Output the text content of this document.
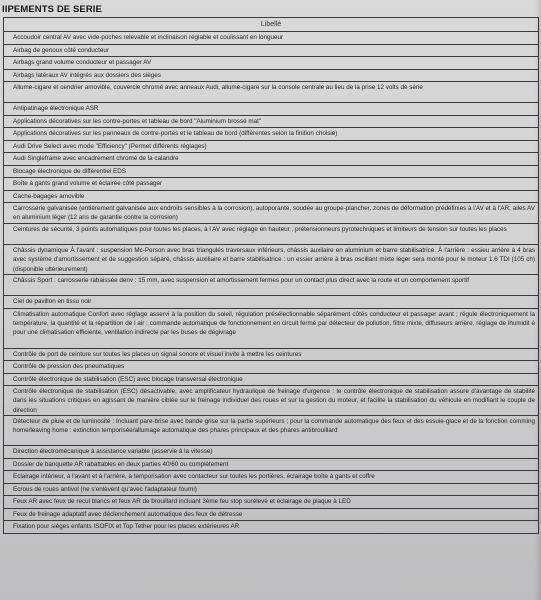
IIPEMENTS DE SERIE
Libellé
Accoudoir central AV avec vide-poches relevable et inclinaison réglable et coulissant en longueur
Airbag de genoux côté conducteur
Airbags grand volume conducteur et passager AV
Airbags latéraux AV intégrés aux dossiers des sièges
Allume-cigare et cendrier amovible, couvercle chromé avec anneaux Audi, allume-cigare sur la console centrale au lieu de la prise 12 volts de série
Antipatinage électronique ASR
Applications décoratives sur les contre-portes et tableau de bord "Aluminium brossé mat"
Applications décoratives sur les panneaux de contre-portes et le tableau de bord (différentes selon la finition choisie)
Audi Drive Select avec mode "Efficiency" (Permet différents réglages)
Audi Singleframe avec encadrement chromé de la calandre
Blocage électronique de différentiel EDS
Boîte à gants grand volume et éclairée côté passager
Cache-bagages amovible
Carrosserie galvanisée (entièrement galvanisée aux endroits sensibles à la corrosion), autoporante, soudée au groupe-plancher, zones de déformation prédéfinies à l'AV et à l'AR, ailes AV en aluminium léger (12 ans de garantie contre la corrosion)
Ceintures de sécurité, 3 points automatiques pour toutes les places, à l AV avec réglage en hauteur , prétensionneurs pyrotechniques et limiteurs de tension sur toutes les places
Châssis dynamique À l'avant : suspension Mc-Person avec bras triangulés traversaux inférieurs, châssis auxilaire en aluminium et barre stabilisatrice. À l'arrière : essieu arrière à 4 bras avec système d'amortissement et de suggestion séparé, châssis auxiliaire et barre stabilisatrice : un essier arrière à bras oscillant mixte léger sera monté pour le moteur 1.6 TDI (105 ch) (disponible ultérieurement)
Châssis Sport : carrosserie rabaissée denv : 15 mm, avec suspension et amortissement fermes pour un contact plus direct avec la route et un comportement sportif
Ciel de pavillon en tissu noir
Climatisation automatique Confort avec réglage asservi à la position du soleil, régulation présélectionnable séparément côtés conducteur et passager avant ; régule électroniquement la température, la quantité et la répartition de l air ; commande automatique de fonctionnement en circuit fermé par détecteur de pollution, filtre mixte, diffuseurs arrière, réglage de lhumidit é pour une climatisation efficiente, ventilation indirecte par les buses de dégivrage
Contrôle de port de ceinture sur toutes les places un signal sonore et visuel invite à mettre les ceintures
Contrôle de pression des pneumatiques
Contrôle électronique de stabilisation (ESC) avec blocage transversal électronique
Contrôle électronique de stabilisation (ESC) désactivable, avec amplificateur hydraulique de freinage d'urgence : le contrôle électronique de stabilisation assure d'avantage de stabilité dans les situations critiques en agissant de manière ciblée sur le freinage individuel des roues et sur la gestion du moteur, et facilite la stabilisation du véhicule en modifiant le couple de direction
Détecteur de pluie et de luminosité : Incluant pare-brise avec bande grise sur la partie supérieurs ; pour la commande automatique des feux et des essuie-glace et de la fonction comming home/leaving home : extinction temporisée/allumage automatique des phares principaux et des phares antibrouillard
Direction électromécanique à assistance variable (asservie à la vitesse)
Dossier de banquette AR rabattables en deux parties 40/60 ou complètement
Eclairage intérieur, à l'avant et à l'arrière, à temporisation avec contacteur sur toutes les portières, éclairage boîte à gants et coffre
Ecrous de roues antivol (ne s'enlèvent qu'avec l'adaptateur fourni)
Feux AR avec feux de recul blancs et feux AR de brouillard incluant 3ème feu stop surélevé et éclairage de plaque à LED
Feux de freinage adaptatif avec déclenchement automatique des feux de détresse
Fixation pour sièges enfants ISOFIX et Top Tether pour les places extérieures AR
